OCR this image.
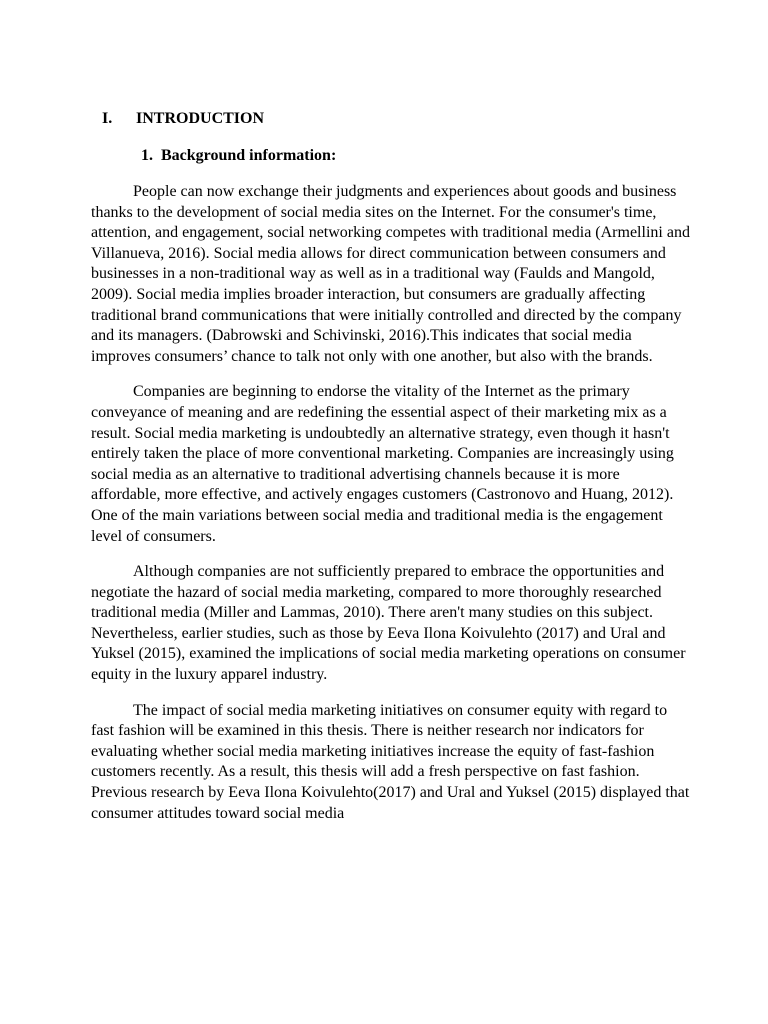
I. INTRODUCTION
1. Background information:

People can now exchange their judgments and experiences about goods and business thanks to the development of social media sites on the Internet. For the consumer's time, attention, and engagement, social networking competes with traditional media (Armellini and Villanueva, 2016). Social media allows for direct communication between consumers and businesses in a non-traditional way as well as in a traditional way (Faulds and Mangold, 2009). Social media implies broader interaction, but consumers are gradually affecting traditional brand communications that were initially controlled and directed by the company and its managers. (Dabrowski and Schivinski, 2016).This indicates that social media improves consumers’ chance to talk not only with one another, but also with the brands.

Companies are beginning to endorse the vitality of the Internet as the primary conveyance of meaning and are redefining the essential aspect of their marketing mix as a result. Social media marketing is undoubtedly an alternative strategy, even though it hasn't entirely taken the place of more conventional marketing. Companies are increasingly using social media as an alternative to traditional advertising channels because it is more affordable, more effective, and actively engages customers (Castronovo and Huang, 2012). One of the main variations between social media and traditional media is the engagement level of consumers.

Although companies are not sufficiently prepared to embrace the opportunities and negotiate the hazard of social media marketing, compared to more thoroughly researched traditional media (Miller and Lammas, 2010). There aren't many studies on this subject. Nevertheless, earlier studies, such as those by Eeva Ilona Koivulehto (2017) and Ural and Yuksel (2015), examined the implications of social media marketing operations on consumer equity in the luxury apparel industry.

The impact of social media marketing initiatives on consumer equity with regard to fast fashion will be examined in this thesis. There is neither research nor indicators for evaluating whether social media marketing initiatives increase the equity of fast-fashion customers recently. As a result, this thesis will add a fresh perspective on fast fashion. Previous research by Eeva Ilona Koivulehto(2017) and Ural and Yuksel (2015) displayed that consumer attitudes toward social media
